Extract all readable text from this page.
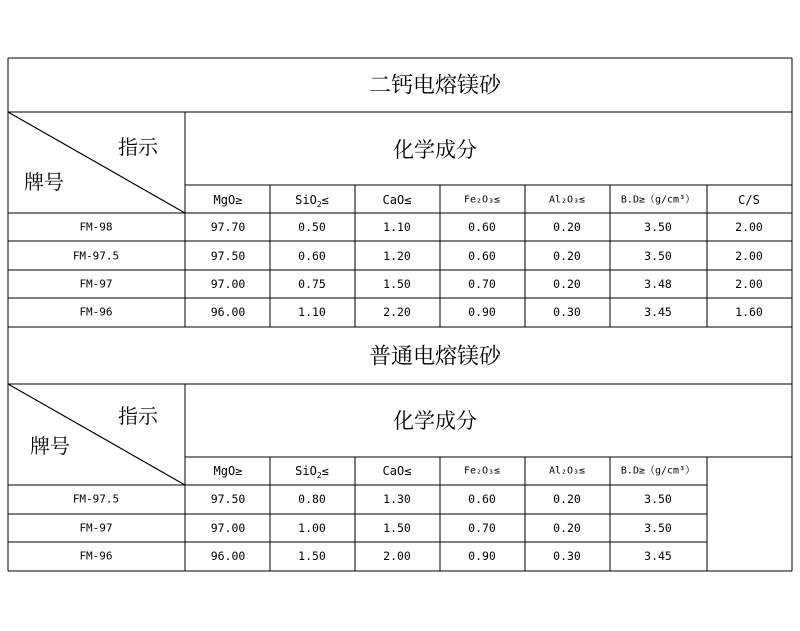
二钙电熔镁砂
指示
牌号
化学成分
MgO≥	SiO$_2$≤	CaO≤	Fe₂O₃≤	Al₂O₃≤	B.D≥（g/cm³）	C/S
FM-98	97.70	0.50	1.10	0.60	0.20	3.50	2.00
FM-97.5	97.50	0.60	1.20	0.60	0.20	3.50	2.00
FM-97	97.00	0.75	1.50	0.70	0.20	3.48	2.00
FM-96	96.00	1.10	2.20	0.90	0.30	3.45	1.60
普通电熔镁砂
指示
牌号
化学成分
MgO≥	SiO$_2$≤	CaO≤	Fe₂O₃≤	Al₂O₃≤	B.D≥（g/cm³）
FM-97.5	97.50	0.80	1.30	0.60	0.20	3.50
FM-97	97.00	1.00	1.50	0.70	0.20	3.50
FM-96	96.00	1.50	2.00	0.90	0.30	3.45
